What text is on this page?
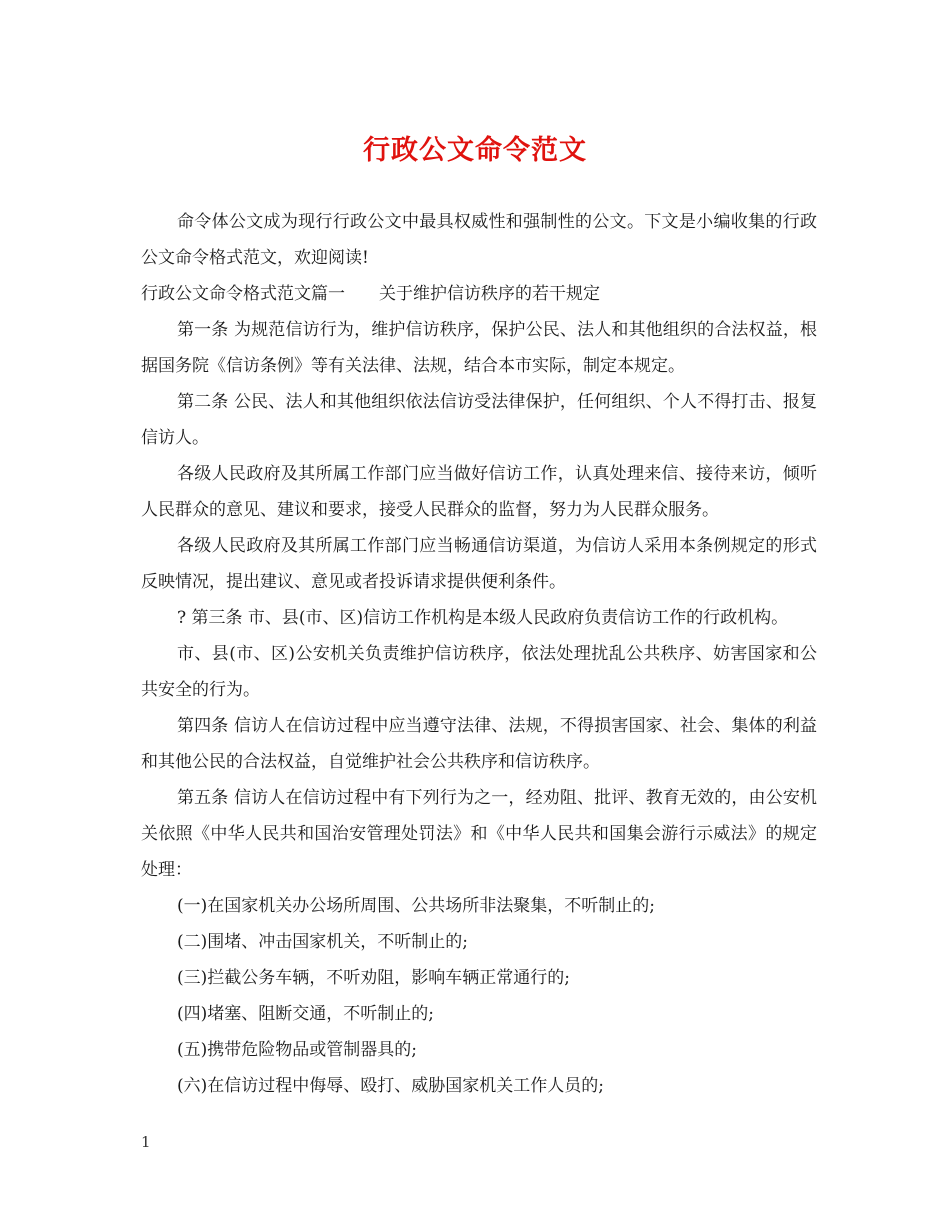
行政公文命令范文

命令体公文成为现行行政公文中最具权威性和强制性的公文。下文是小编收集的行政公文命令格式范文，欢迎阅读!

行政公文命令格式范文篇一　　关于维护信访秩序的若干规定

第一条 为规范信访行为，维护信访秩序，保护公民、法人和其他组织的合法权益，根据国务院《信访条例》等有关法律、法规，结合本市实际，制定本规定。

第二条 公民、法人和其他组织依法信访受法律保护，任何组织、个人不得打击、报复信访人。

各级人民政府及其所属工作部门应当做好信访工作，认真处理来信、接待来访，倾听人民群众的意见、建议和要求，接受人民群众的监督，努力为人民群众服务。

各级人民政府及其所属工作部门应当畅通信访渠道，为信访人采用本条例规定的形式反映情况，提出建议、意见或者投诉请求提供便利条件。

? 第三条 市、县(市、区)信访工作机构是本级人民政府负责信访工作的行政机构。

市、县(市、区)公安机关负责维护信访秩序，依法处理扰乱公共秩序、妨害国家和公共安全的行为。

第四条 信访人在信访过程中应当遵守法律、法规，不得损害国家、社会、集体的利益和其他公民的合法权益，自觉维护社会公共秩序和信访秩序。

第五条 信访人在信访过程中有下列行为之一，经劝阻、批评、教育无效的，由公安机关依照《中华人民共和国治安管理处罚法》和《中华人民共和国集会游行示威法》的规定处理：

(一)在国家机关办公场所周围、公共场所非法聚集，不听制止的;

(二)围堵、冲击国家机关，不听制止的;

(三)拦截公务车辆，不听劝阻，影响车辆正常通行的;

(四)堵塞、阻断交通，不听制止的;

(五)携带危险物品或管制器具的;

(六)在信访过程中侮辱、殴打、威胁国家机关工作人员的;

1
